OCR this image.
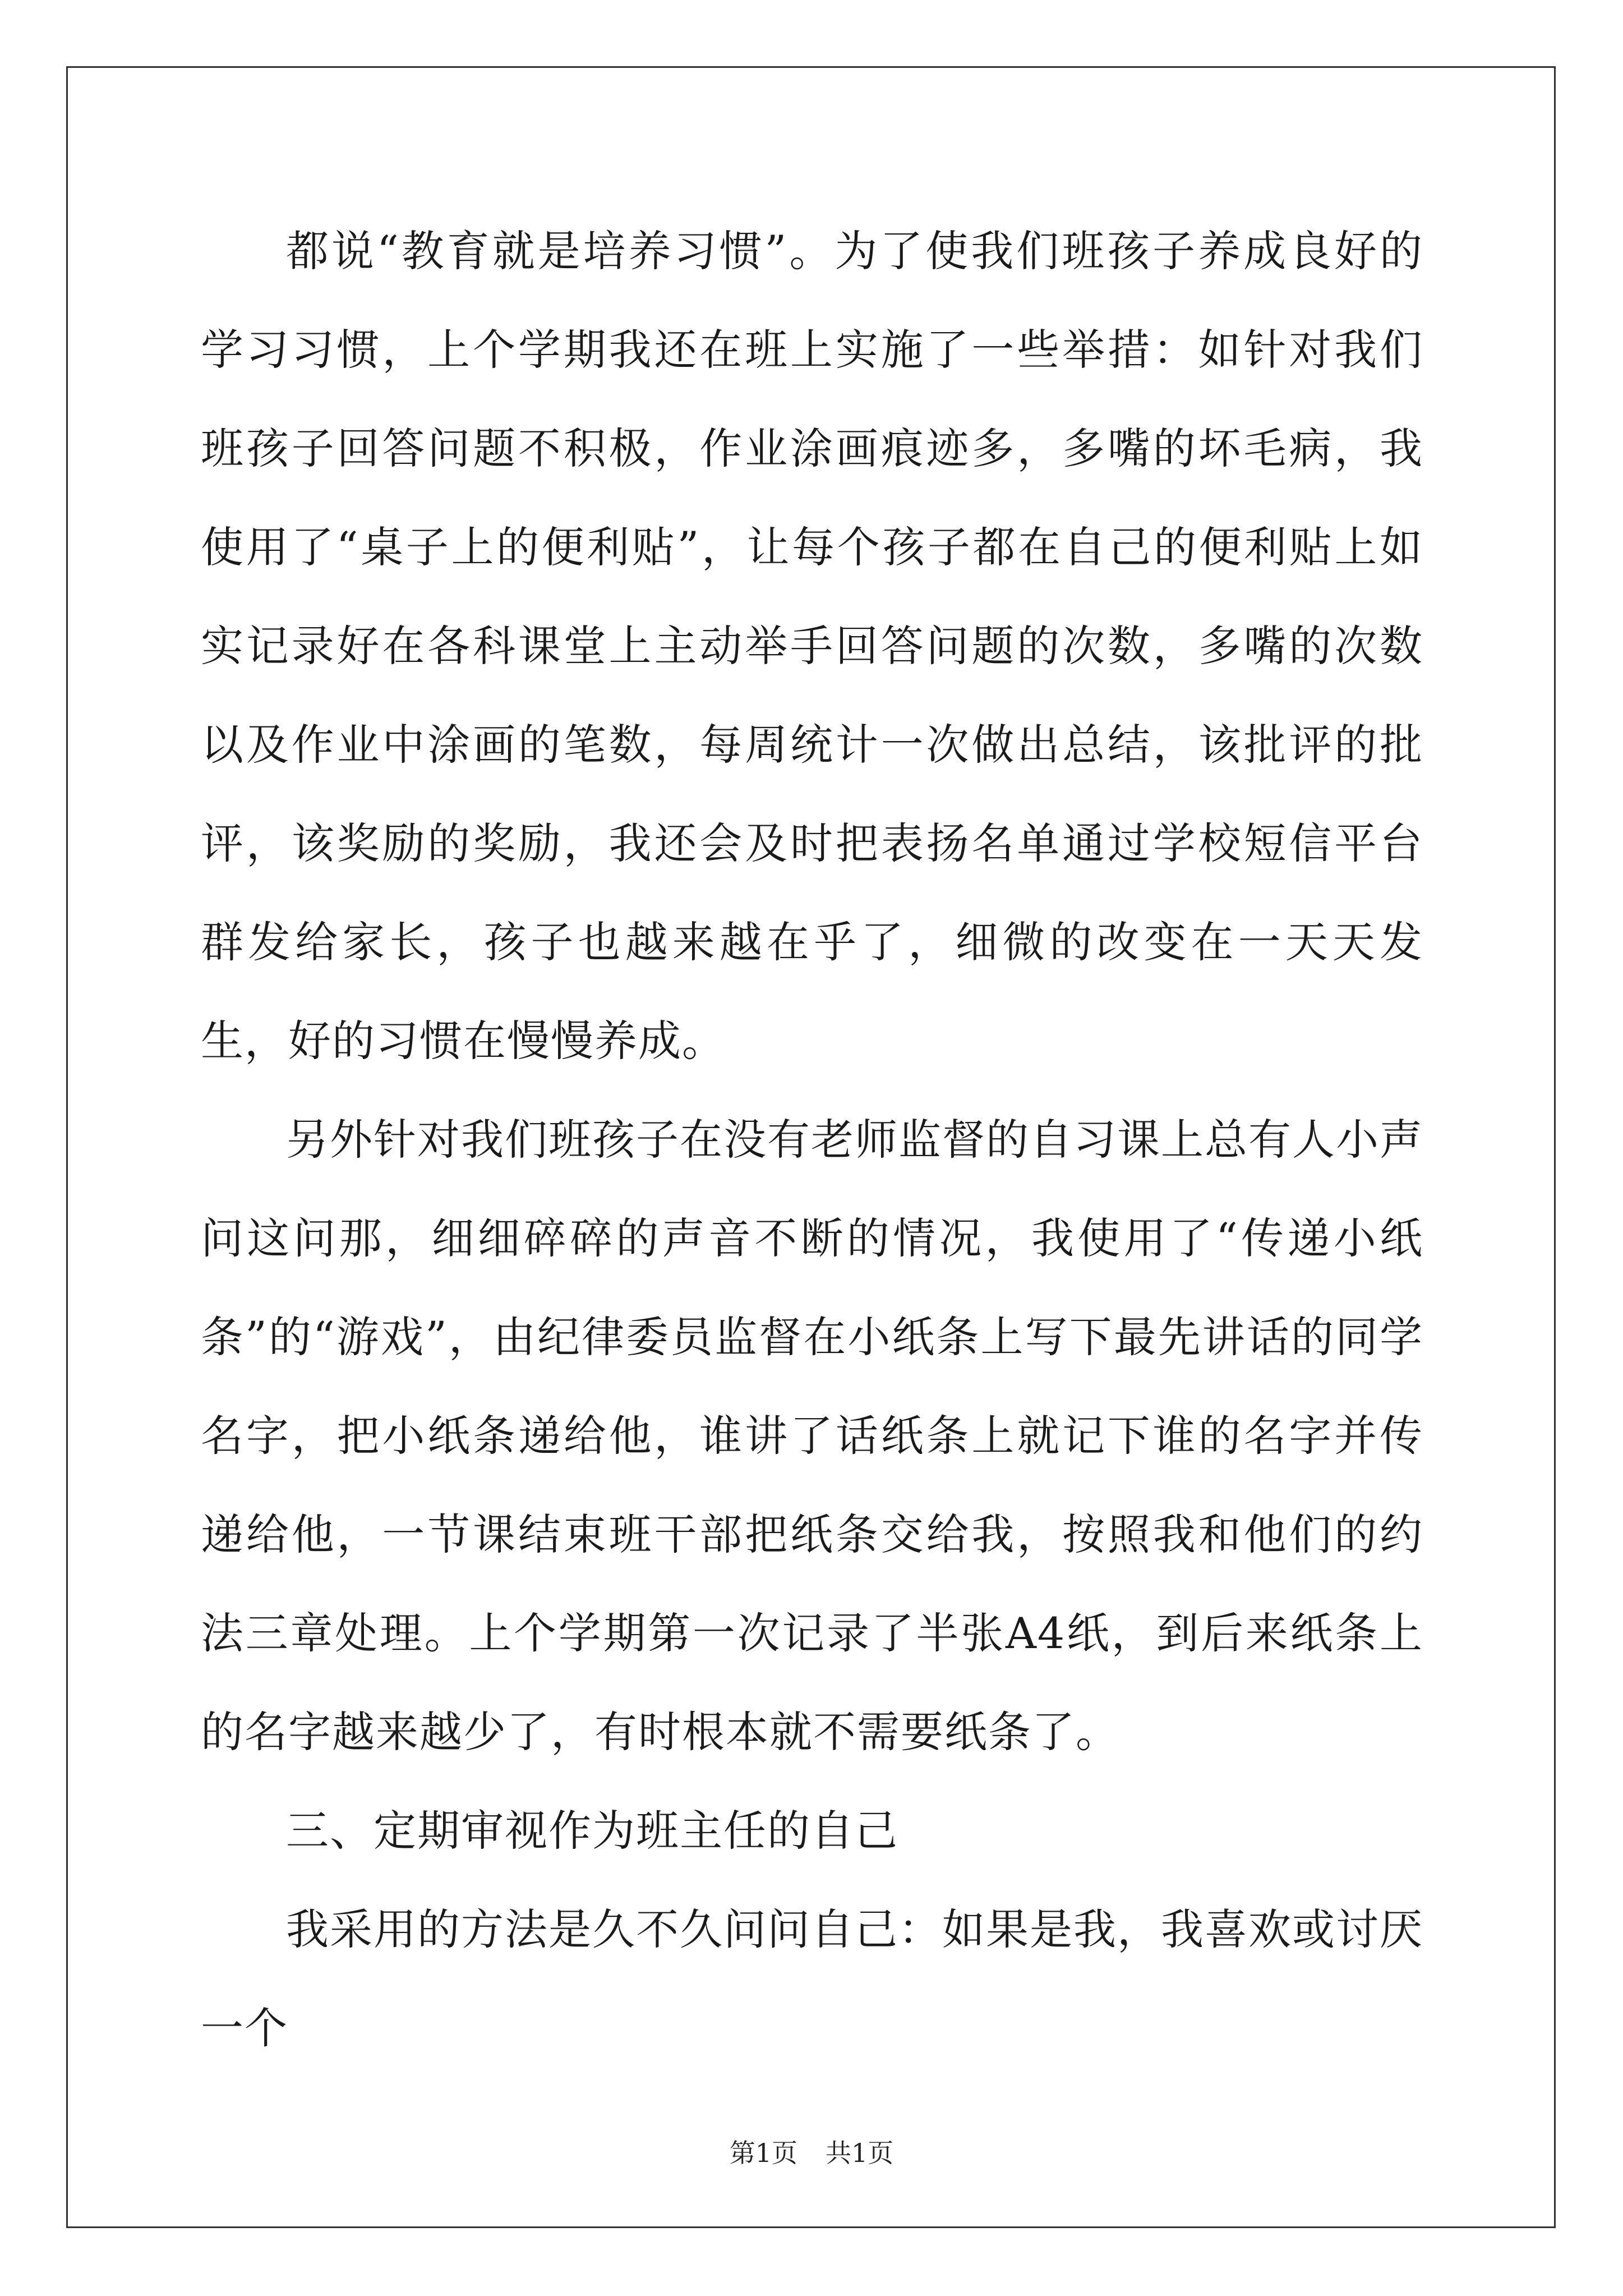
都说“教育就是培养习惯”。为了使我们班孩子养成良好的学习习惯，上个学期我还在班上实施了一些举措：如针对我们班孩子回答问题不积极，作业涂画痕迹多，多嘴的坏毛病，我使用了“桌子上的便利贴”，让每个孩子都在自己的便利贴上如实记录好在各科课堂上主动举手回答问题的次数，多嘴的次数以及作业中涂画的笔数，每周统计一次做出总结，该批评的批评，该奖励的奖励，我还会及时把表扬名单通过学校短信平台群发给家长，孩子也越来越在乎了，细微的改变在一天天发生，好的习惯在慢慢养成。

另外针对我们班孩子在没有老师监督的自习课上总有人小声问这问那，细细碎碎的声音不断的情况，我使用了“传递小纸条”的“游戏”，由纪律委员监督在小纸条上写下最先讲话的同学名字，把小纸条递给他，谁讲了话纸条上就记下谁的名字并传递给他，一节课结束班干部把纸条交给我，按照我和他们的约法三章处理。上个学期第一次记录了半张A4纸，到后来纸条上的名字越来越少了，有时根本就不需要纸条了。

三、定期审视作为班主任的自己

我采用的方法是久不久问问自己：如果是我，我喜欢或讨厌一个

第1页 共1页
